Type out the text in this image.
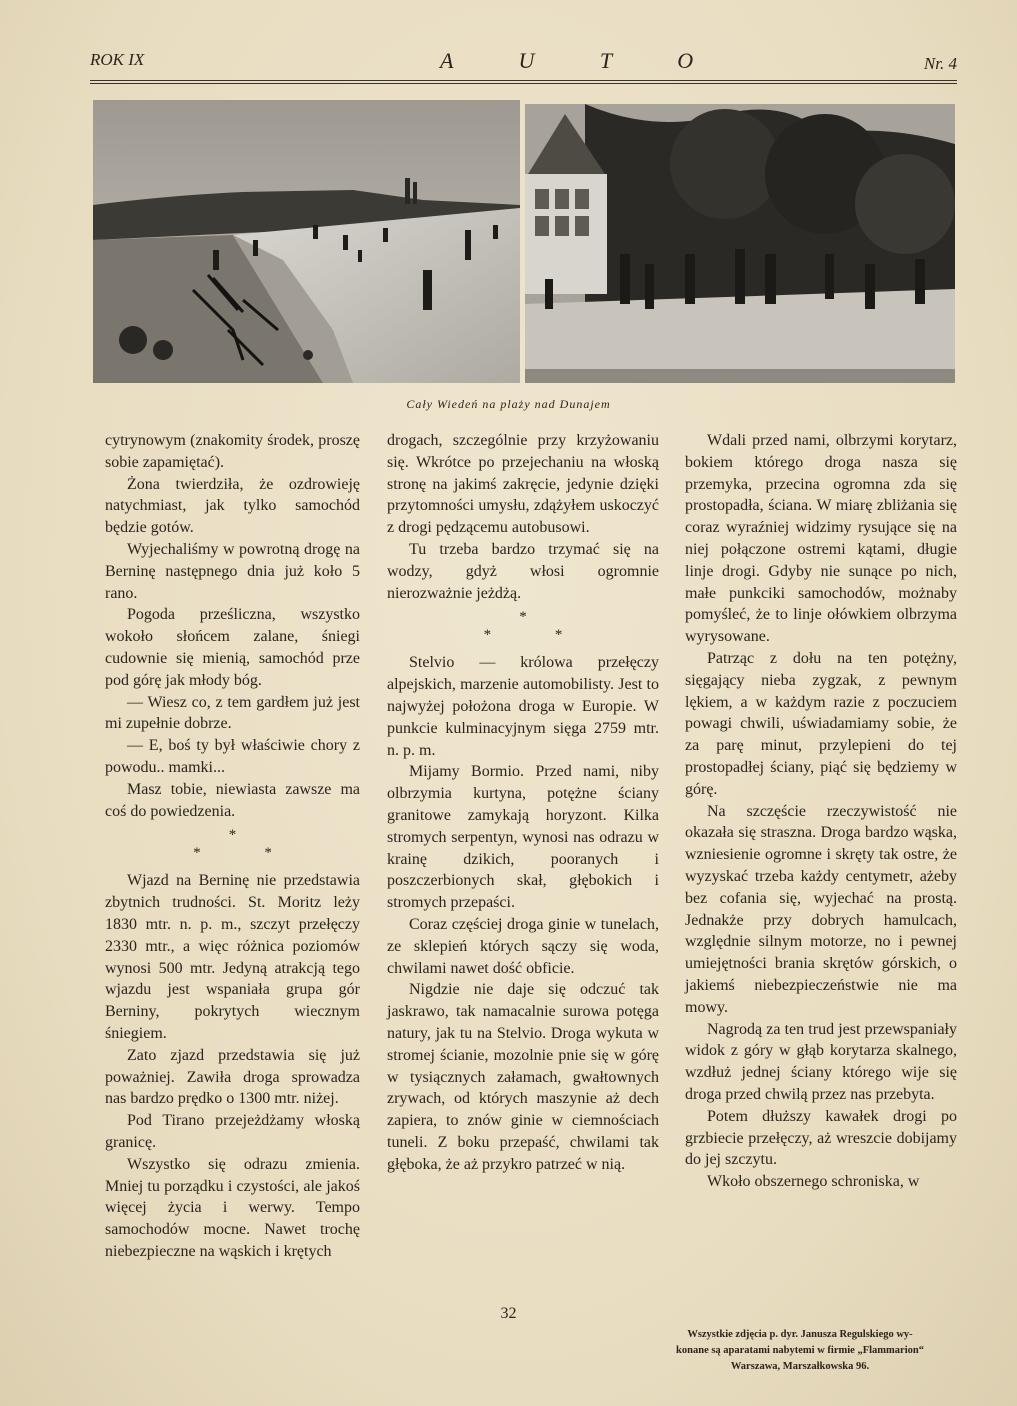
ROK IX	A U T O	Nr. 4
Cały Wiedeń na plaży nad Dunajem

cytrynowym (znakomity środek, proszę sobie zapamiętać).

Żona twierdziła, że ozdrowieję natychmiast, jak tylko samochód będzie gotów.

Wyjechaliśmy w powrotną drogę na Berninę następnego dnia już koło 5 rano.

Pogoda prześliczna, wszystko wokoło słońcem zalane, śniegi cudownie się mienią, samochód prze pod górę jak młody bóg.

— Wiesz co, z tem gardłem już jest mi zupełnie dobrze.

— E, boś ty był właściwie chory z powodu.. mamki...

Masz tobie, niewiasta zawsze ma coś do powiedzenia.

*
* *

Wjazd na Berninę nie przedstawia zbytnich trudności. St. Moritz leży 1830 mtr. n. p. m., szczyt przełęczy 2330 mtr., a więc różnica poziomów wynosi 500 mtr. Jedyną atrakcją tego wjazdu jest wspaniała grupa gór Berniny, pokrytych wiecznym śniegiem.

Zato zjazd przedstawia się już poważniej. Zawiła droga sprowadza nas bardzo prędko o 1300 mtr. niżej.

Pod Tirano przejeżdżamy włoską granicę.

Wszystko się odrazu zmienia. Mniej tu porządku i czystości, ale jakoś więcej życia i werwy. Tempo samochodów mocne. Nawet trochę niebezpieczne na wąskich i krętych

drogach, szczególnie przy krzyżowaniu się. Wkrótce po przejechaniu na włoską stronę na jakimś zakręcie, jedynie dzięki przytomności umysłu, zdążyłem uskoczyć z drogi pędzącemu autobusowi.

Tu trzeba bardzo trzymać się na wodzy, gdyż włosi ogromnie nierozważnie jeżdżą.

*
* *

Stelvio — królowa przełęczy alpejskich, marzenie automobilisty. Jest to najwyżej położona droga w Europie. W punkcie kulminacyjnym sięga 2759 mtr. n. p. m.

Mijamy Bormio. Przed nami, niby olbrzymia kurtyna, potężne ściany granitowe zamykają horyzont. Kilka stromych serpentyn, wynosi nas odrazu w krainę dzikich, pooranych i poszczerbionych skał, głębokich i stromych przepaści.

Coraz częściej droga ginie w tunelach, ze sklepień których sączy się woda, chwilami nawet dość obficie.

Nigdzie nie daje się odczuć tak jaskrawo, tak namacalnie surowa potęga natury, jak tu na Stelvio. Droga wykuta w stromej ścianie, mozolnie pnie się w górę w tysiącznych załamach, gwałtownych zrywach, od których maszynie aż dech zapiera, to znów ginie w ciemnościach tuneli. Z boku przepaść, chwilami tak głęboka, że aż przykro patrzeć w nią.

Wdali przed nami, olbrzymi korytarz, bokiem którego droga nasza się przemyka, przecina ogromna zda się prostopadła, ściana. W miarę zbliżania się coraz wyraźniej widzimy rysujące się na niej połączone ostremi kątami, długie linje drogi. Gdyby nie sunące po nich, małe punkciki samochodów, możnaby pomyśleć, że to linje ołówkiem olbrzyma wyrysowane.

Patrząc z dołu na ten potężny, sięgający nieba zygzak, z pewnym lękiem, a w każdym razie z poczuciem powagi chwili, uświadamiamy sobie, że za parę minut, przylepieni do tej prostopadłej ściany, piąć się będziemy w górę.

Na szczęście rzeczywistość nie okazała się straszna. Droga bardzo wąska, wzniesienie ogromne i skręty tak ostre, że wyzyskać trzeba każdy centymetr, ażeby bez cofania się, wyjechać na prostą. Jednakże przy dobrych hamulcach, względnie silnym motorze, no i pewnej umiejętności brania skrętów górskich, o jakiemś niebezpieczeństwie nie ma mowy.

Nagrodą za ten trud jest przewspaniały widok z góry w głąb korytarza skalnego, wzdłuż jednej ściany którego wije się droga przed chwilą przez nas przebyta.

Potem dłuższy kawałek drogi po grzbiecie przełęczy, aż wreszcie dobijamy do jej szczytu.

Wkoło obszernego schroniska, w

32
Wszystkie zdjęcia p. dyr. Janusza Regulskiego wy-
konane są aparatami nabytemi w firmie „Flammarion“
Warszawa, Marszałkowska 96.
